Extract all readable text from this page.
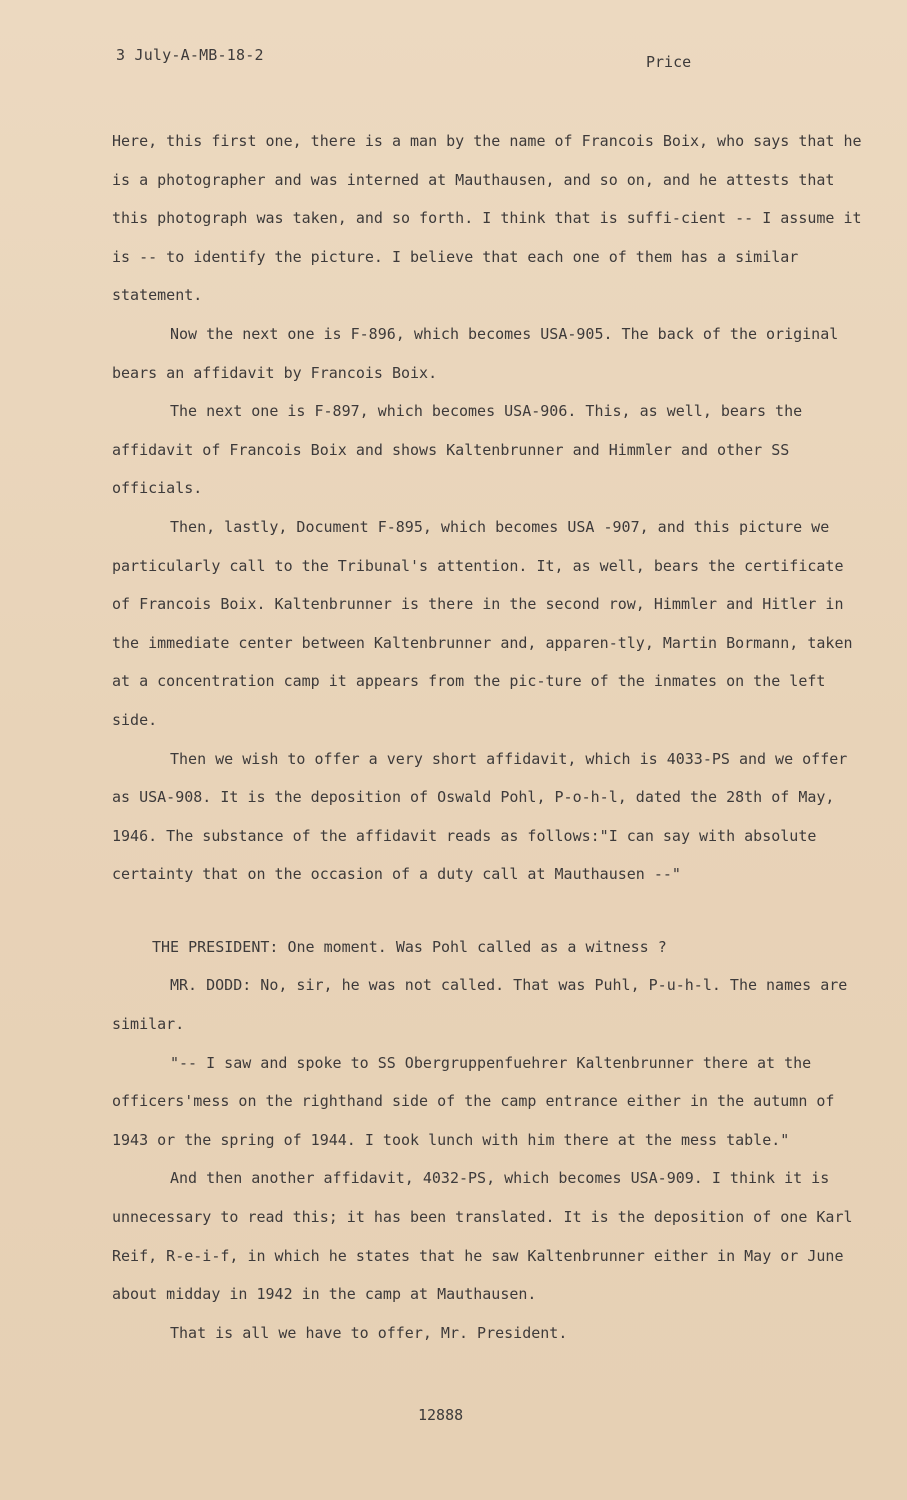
3 July-A-MB-18-2	Price

Here, this first one, there is a man by the name of Francois Boix, who says that he is a photographer and was interned at Mauthausen, and so on, and he attests that this photograph was taken, and so forth. I think that is suffi-cient -- I assume it is -- to identify the picture. I believe that each one of them has a similar statement.

Now the next one is F-896, which becomes USA-905. The back of the original bears an affidavit by Francois Boix.

The next one is F-897, which becomes USA-906. This, as well, bears the affidavit of Francois Boix and shows Kaltenbrunner and Himmler and other SS officials.

Then, lastly, Document F-895, which becomes USA -907, and this picture we particularly call to the Tribunal's attention. It, as well, bears the certificate of Francois Boix. Kaltenbrunner is there in the second row, Himmler and Hitler in the immediate center between Kaltenbrunner and, apparen-tly, Martin Bormann, taken at a concentration camp it appears from the pic-ture of the inmates on the left side.

Then we wish to offer a very short affidavit, which is 4033-PS and we offer as USA-908. It is the deposition of Oswald Pohl, P-o-h-l, dated the 28th of May, 1946. The substance of the affidavit reads as follows:"I can say with absolute certainty that on the occasion of a duty call at Mauthausen --"

THE PRESIDENT: One moment. Was Pohl called as a witness ?

MR. DODD: No, sir, he was not called. That was Puhl, P-u-h-l. The names are similar.

"-- I saw and spoke to SS Obergruppenfuehrer Kaltenbrunner there at the officers'mess on the righthand side of the camp entrance either in the autumn of 1943 or the spring of 1944. I took lunch with him there at the mess table."

And then another affidavit, 4032-PS, which becomes USA-909. I think it is unnecessary to read this; it has been translated. It is the deposition of one Karl Reif, R-e-i-f, in which he states that he saw Kaltenbrunner either in May or June about midday in 1942 in the camp at Mauthausen.

That is all we have to offer, Mr. President.

12888
